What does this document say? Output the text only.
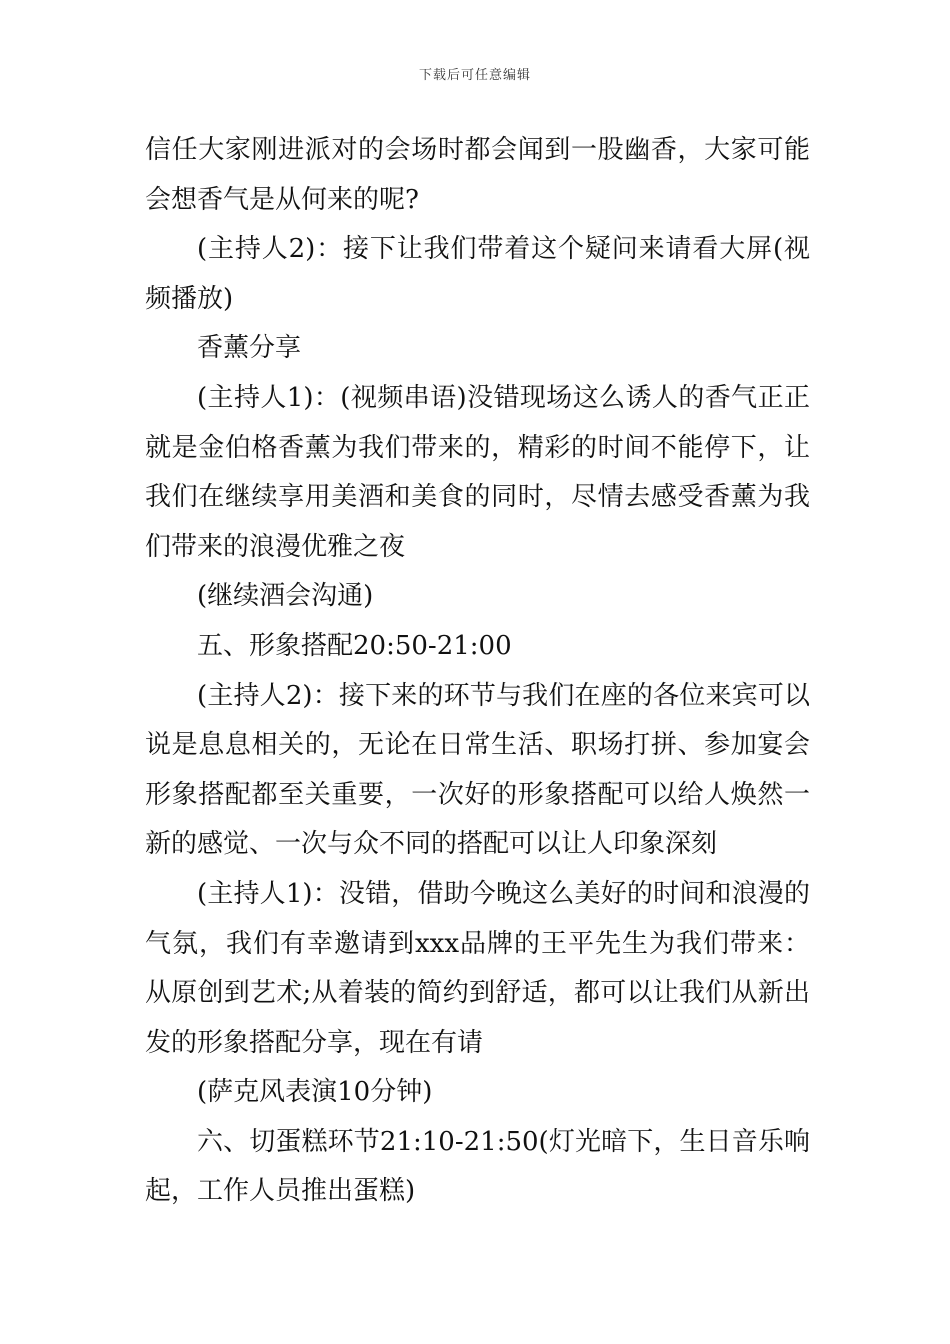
下载后可任意编辑

信任大家刚进派对的会场时都会闻到一股幽香，大家可能会想香气是从何来的呢?

(主持人2)：接下让我们带着这个疑问来请看大屏(视频播放)

香薰分享

(主持人1)：(视频串语)没错现场这么诱人的香气正正就是金伯格香薰为我们带来的，精彩的时间不能停下，让我们在继续享用美酒和美食的同时，尽情去感受香薰为我们带来的浪漫优雅之夜

(继续酒会沟通)

五、形象搭配20:50-21:00

(主持人2)：接下来的环节与我们在座的各位来宾可以说是息息相关的，无论在日常生活、职场打拼、参加宴会形象搭配都至关重要，一次好的形象搭配可以给人焕然一新的感觉、一次与众不同的搭配可以让人印象深刻

(主持人1)：没错，借助今晚这么美好的时间和浪漫的气氛，我们有幸邀请到xxx品牌的王平先生为我们带来：从原创到艺术;从着装的简约到舒适，都可以让我们从新出发的形象搭配分享，现在有请

(萨克风表演10分钟)

六、切蛋糕环节21:10-21:50(灯光暗下，生日音乐响起，工作人员推出蛋糕)
